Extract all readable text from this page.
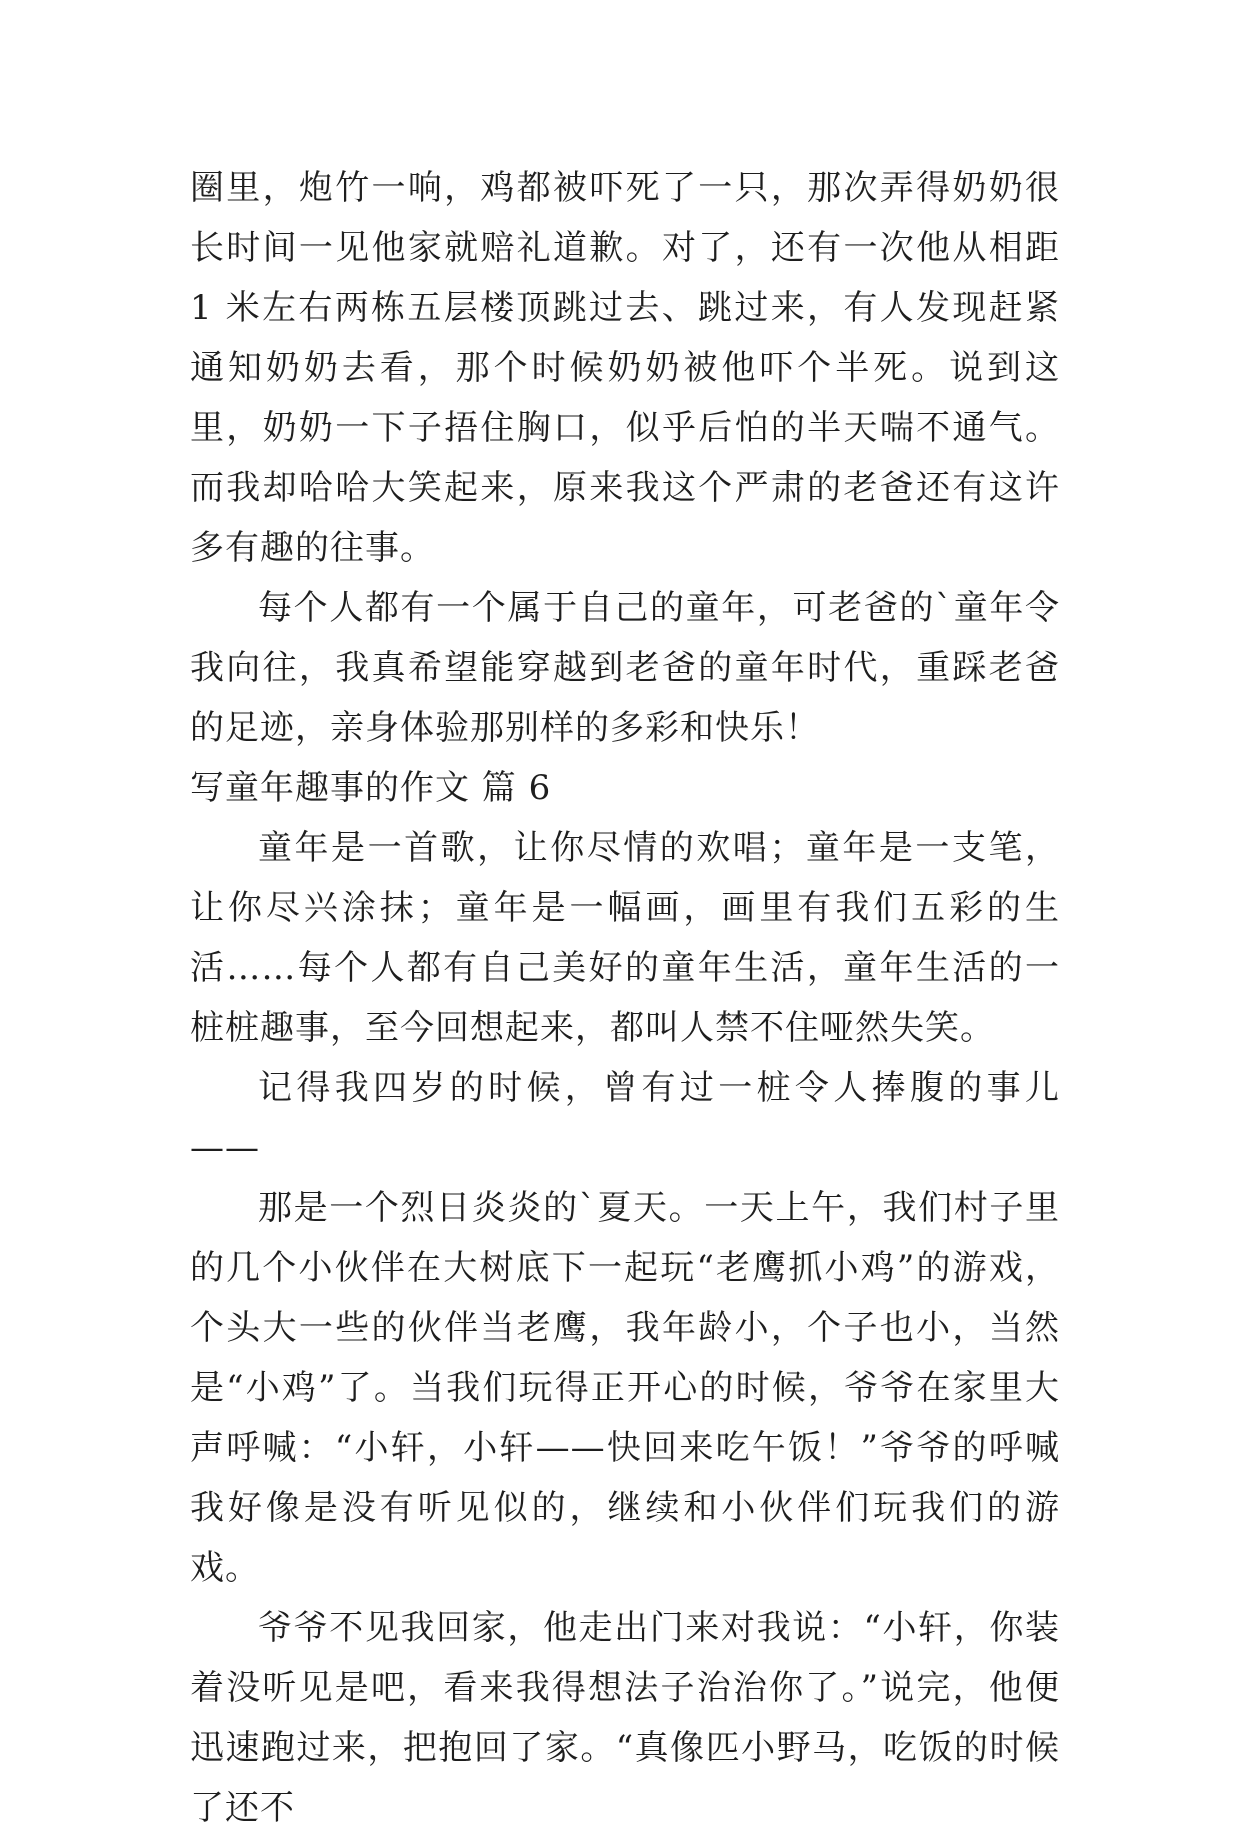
圈里，炮竹一响，鸡都被吓死了一只，那次弄得奶奶很长时间一见他家就赔礼道歉。对了，还有一次他从相距 1 米左右两栋五层楼顶跳过去、跳过来，有人发现赶紧通知奶奶去看，那个时候奶奶被他吓个半死。说到这里，奶奶一下子捂住胸口，似乎后怕的半天喘不通气。而我却哈哈大笑起来，原来我这个严肃的老爸还有这许多有趣的往事。

每个人都有一个属于自己的童年，可老爸的`童年令我向往，我真希望能穿越到老爸的童年时代，重踩老爸的足迹，亲身体验那别样的多彩和快乐！

写童年趣事的作文 篇 6

童年是一首歌，让你尽情的欢唱；童年是一支笔，让你尽兴涂抹；童年是一幅画，画里有我们五彩的生活……每个人都有自己美好的童年生活，童年生活的一桩桩趣事，至今回想起来，都叫人禁不住哑然失笑。

记得我四岁的时候，曾有过一桩令人捧腹的事儿——

那是一个烈日炎炎的`夏天。一天上午，我们村子里的几个小伙伴在大树底下一起玩“老鹰抓小鸡”的游戏，个头大一些的伙伴当老鹰，我年龄小，个子也小，当然是“小鸡”了。当我们玩得正开心的时候，爷爷在家里大声呼喊：“小轩，小轩——快回来吃午饭！”爷爷的呼喊我好像是没有听见似的，继续和小伙伴们玩我们的游戏。

爷爷不见我回家，他走出门来对我说：“小轩，你装着没听见是吧，看来我得想法子治治你了。”说完，他便迅速跑过来，把抱回了家。“真像匹小野马，吃饭的时候了还不
